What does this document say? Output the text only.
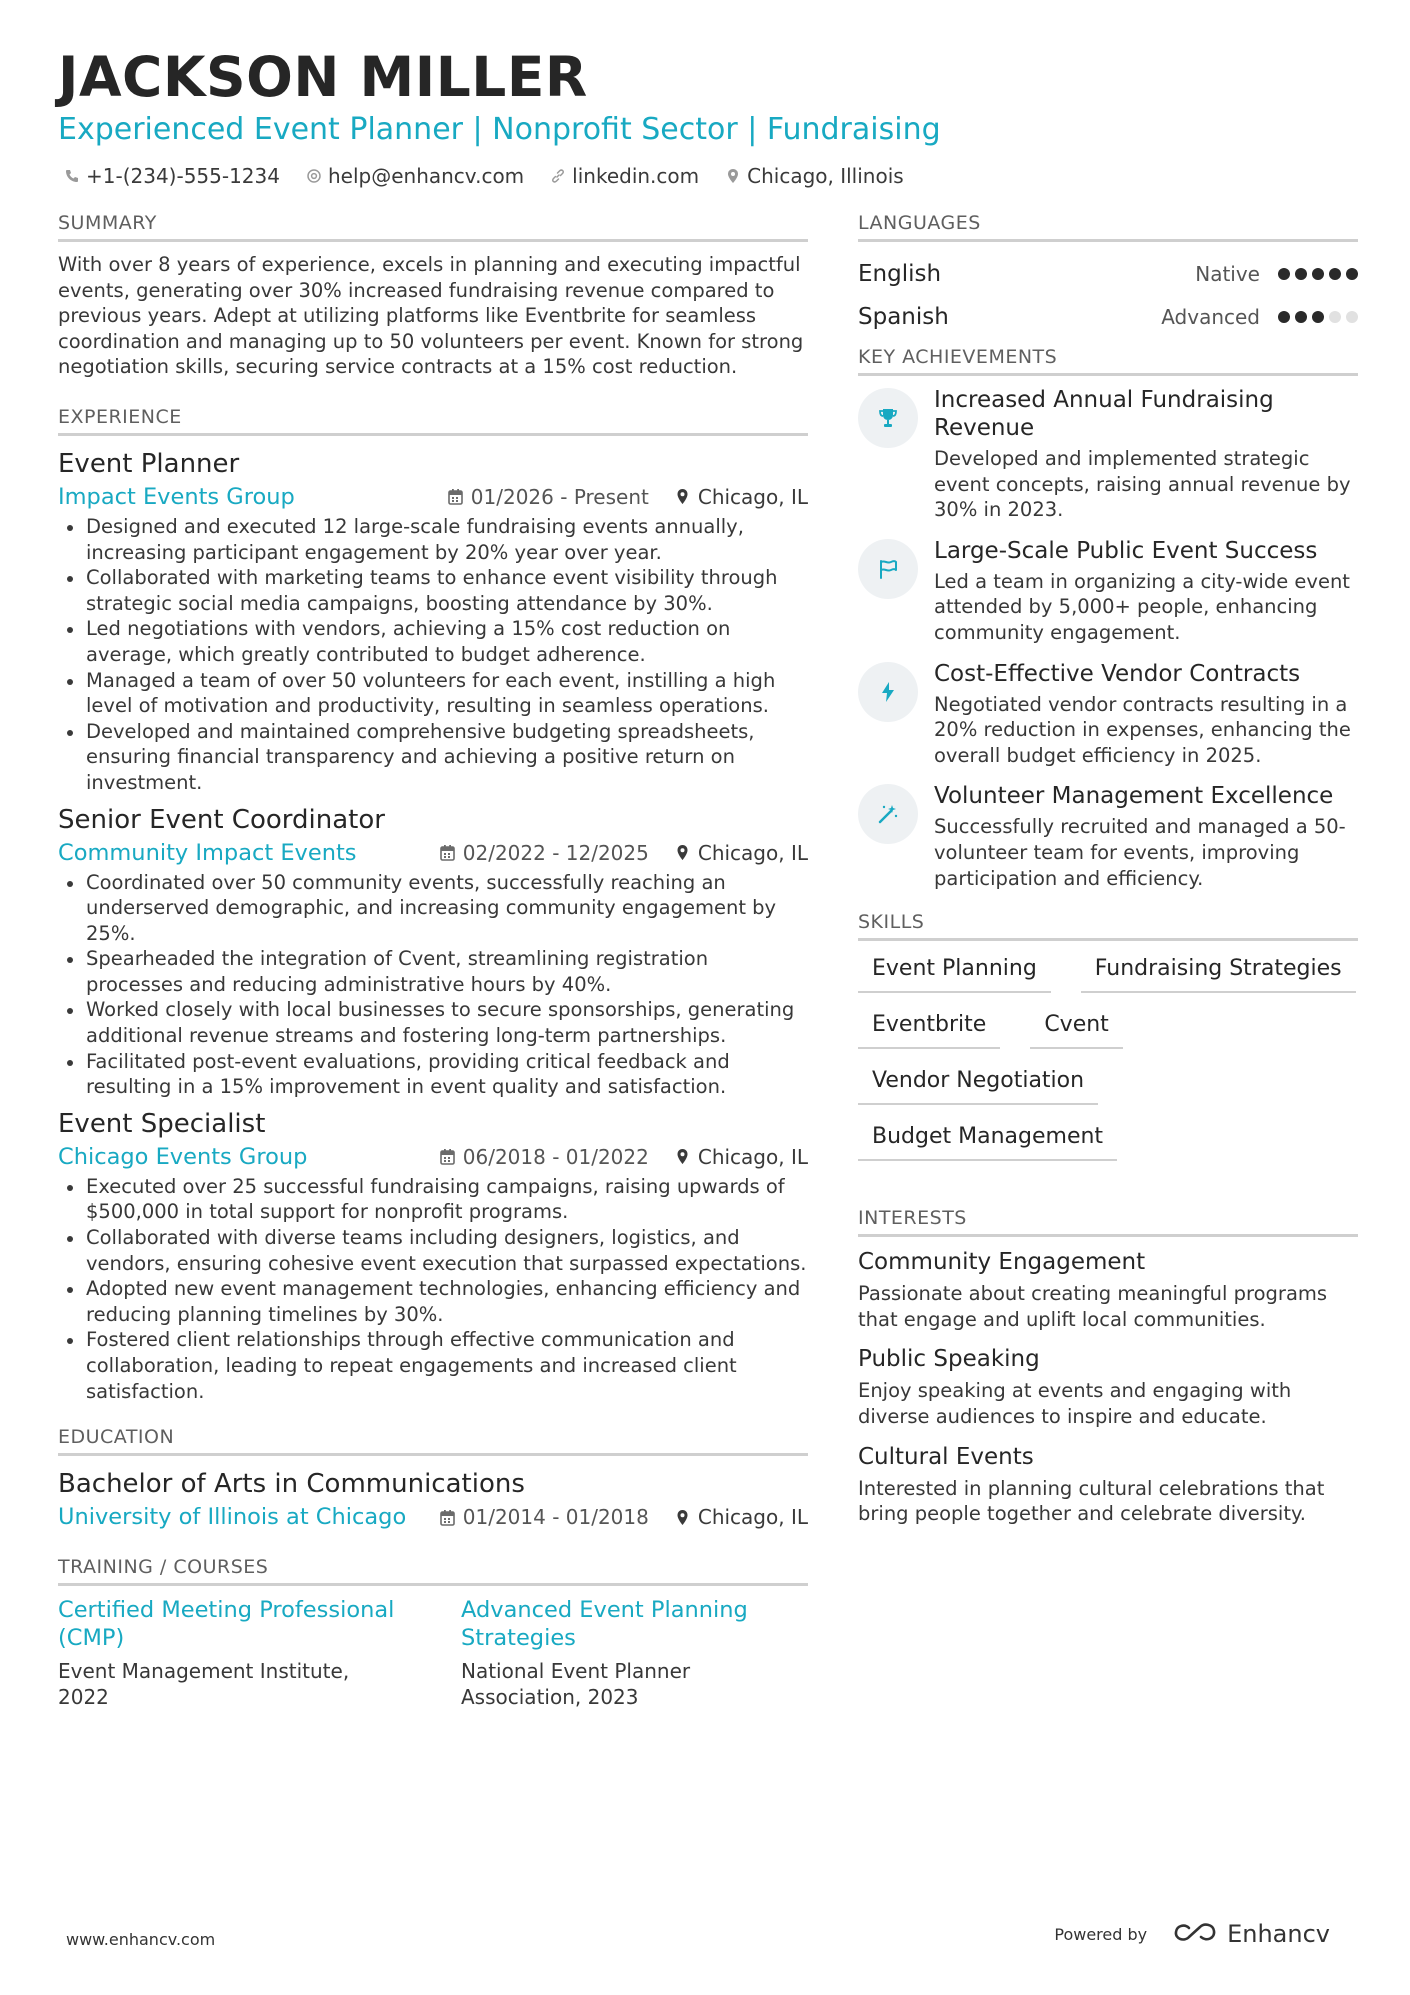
JACKSON MILLER
Experienced Event Planner | Nonprofit Sector | Fundraising
+1-(234)-555-1234 help@enhancv.com linkedin.com Chicago, Illinois
SUMMARY
With over 8 years of experience, excels in planning and executing impactful events, generating over 30% increased fundraising revenue compared to previous years. Adept at utilizing platforms like Eventbrite for seamless coordination and managing up to 50 volunteers per event. Known for strong negotiation skills, securing service contracts at a 15% cost reduction.
EXPERIENCE
Event Planner
Impact Events Group	01/2026 - Present Chicago, IL
Designed and executed 12 large-scale fundraising events annually, increasing participant engagement by 20% year over year.
Collaborated with marketing teams to enhance event visibility through strategic social media campaigns, boosting attendance by 30%.
Led negotiations with vendors, achieving a 15% cost reduction on average, which greatly contributed to budget adherence.
Managed a team of over 50 volunteers for each event, instilling a high level of motivation and productivity, resulting in seamless operations.
Developed and maintained comprehensive budgeting spreadsheets, ensuring financial transparency and achieving a positive return on investment.
Senior Event Coordinator
Community Impact Events	02/2022 - 12/2025 Chicago, IL
Coordinated over 50 community events, successfully reaching an underserved demographic, and increasing community engagement by 25%.
Spearheaded the integration of Cvent, streamlining registration processes and reducing administrative hours by 40%.
Worked closely with local businesses to secure sponsorships, generating additional revenue streams and fostering long-term partnerships.
Facilitated post-event evaluations, providing critical feedback and resulting in a 15% improvement in event quality and satisfaction.
Event Specialist
Chicago Events Group	06/2018 - 01/2022 Chicago, IL
Executed over 25 successful fundraising campaigns, raising upwards of $500,000 in total support for nonprofit programs.
Collaborated with diverse teams including designers, logistics, and vendors, ensuring cohesive event execution that surpassed expectations.
Adopted new event management technologies, enhancing efficiency and reducing planning timelines by 30%.
Fostered client relationships through effective communication and collaboration, leading to repeat engagements and increased client satisfaction.
EDUCATION
Bachelor of Arts in Communications
University of Illinois at Chicago	01/2014 - 01/2018 Chicago, IL
TRAINING / COURSES
Certified Meeting Professional (CMP)
Event Management Institute, 2022
Advanced Event Planning Strategies
National Event Planner Association, 2023
LANGUAGES
English	Native
Spanish	Advanced
KEY ACHIEVEMENTS
Increased Annual Fundraising Revenue
Developed and implemented strategic event concepts, raising annual revenue by 30% in 2023.
Large-Scale Public Event Success
Led a team in organizing a city-wide event attended by 5,000+ people, enhancing community engagement.
Cost-Effective Vendor Contracts
Negotiated vendor contracts resulting in a 20% reduction in expenses, enhancing the overall budget efficiency in 2025.
Volunteer Management Excellence
Successfully recruited and managed a 50-volunteer team for events, improving participation and efficiency.
SKILLS
Event Planning	Fundraising Strategies
Eventbrite	Cvent
Vendor Negotiation
Budget Management
INTERESTS
Community Engagement
Passionate about creating meaningful programs that engage and uplift local communities.
Public Speaking
Enjoy speaking at events and engaging with diverse audiences to inspire and educate.
Cultural Events
Interested in planning cultural celebrations that bring people together and celebrate diversity.
www.enhancv.com	Powered by	Enhancv
